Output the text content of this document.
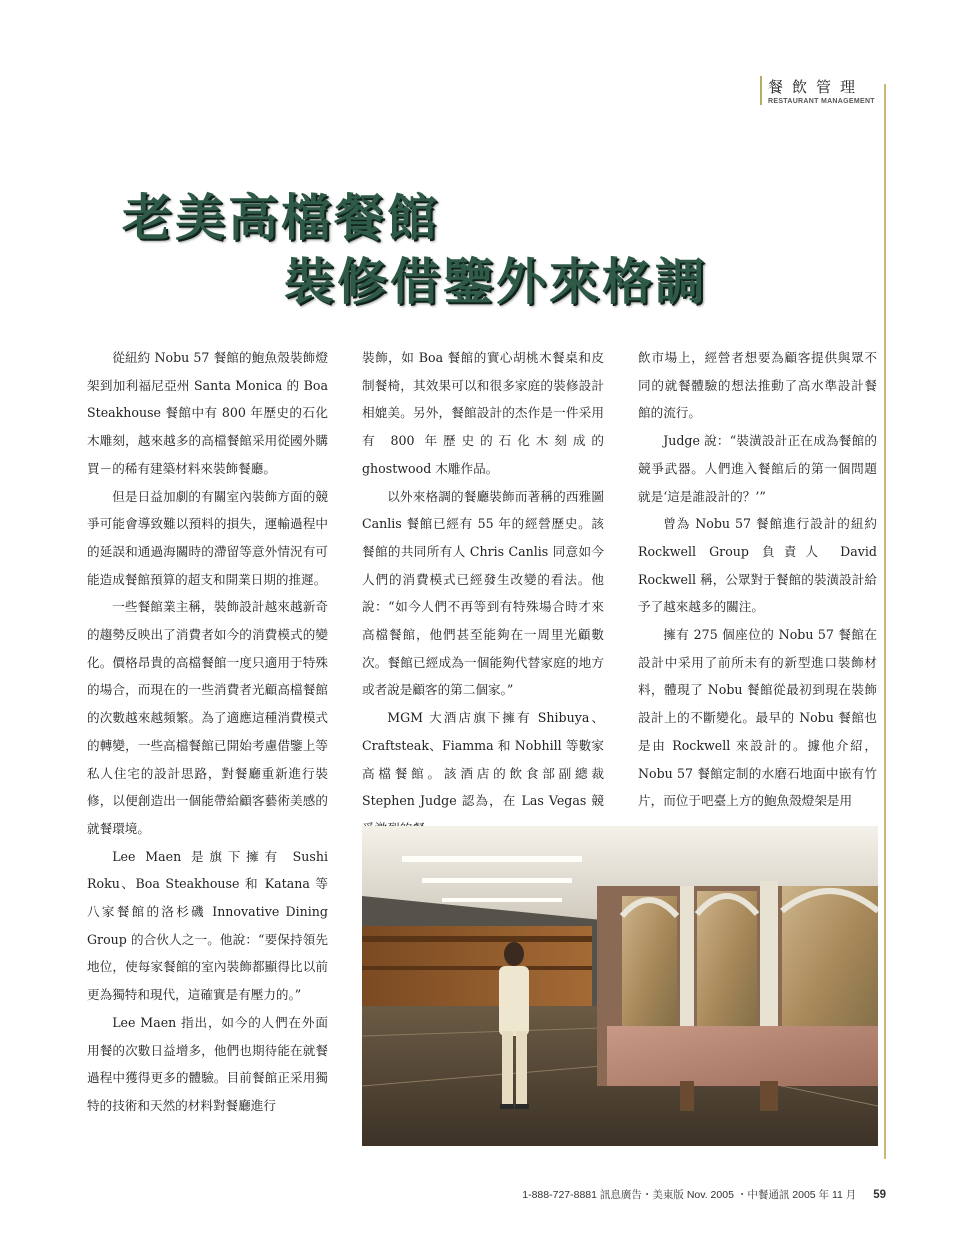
餐飲管理
RESTAURANT MANAGEMENT
老美高檔餐館
裝修借鑒外來格調

從紐約 Nobu 57 餐館的鮑魚殼裝飾燈架到加利福尼亞州 Santa Monica 的 Boa Steakhouse 餐館中有 800 年歷史的石化木雕刻，越來越多的高檔餐館采用從國外購買－的稀有建築材料來裝飾餐廳。

但是日益加劇的有關室內裝飾方面的競爭可能會導致難以預料的損失，運輸過程中的延誤和通過海關時的滯留等意外情況有可能造成餐館預算的超支和開業日期的推遲。

一些餐館業主稱，裝飾設計越來越新奇的趨勢反映出了消費者如今的消費模式的變化。價格昂貴的高檔餐館一度只適用于特殊的場合，而現在的一些消費者光顧高檔餐館的次數越來越頻繁。為了適應這種消費模式的轉變，一些高檔餐館已開始考慮借鑒上等私人住宅的設計思路，對餐廳重新進行裝修，以便創造出一個能帶給顧客藝術美感的就餐環境。

Lee Maen 是旗下擁有 Sushi Roku、Boa Steakhouse 和 Katana 等八家餐館的洛杉磯 Innovative Dining Group 的合伙人之一。他說：“要保持領先地位，使每家餐館的室內裝飾都顯得比以前更為獨特和現代，這確實是有壓力的。”

Lee Maen 指出，如今的人們在外面用餐的次數日益增多，他們也期待能在就餐過程中獲得更多的體驗。目前餐館正采用獨特的技術和天然的材料對餐廳進行

裝飾，如 Boa 餐館的實心胡桃木餐桌和皮制餐椅，其效果可以和很多家庭的裝修設計相媲美。另外，餐館設計的杰作是一件采用有 800 年歷史的石化木刻成的 ghostwood 木雕作品。

以外來格調的餐廳裝飾而著稱的西雅圖 Canlis 餐館已經有 55 年的經營歷史。該餐館的共同所有人 Chris Canlis 同意如今人們的消費模式已經發生改變的看法。他說：“如今人們不再等到有特殊場合時才來高檔餐館，他們甚至能夠在一周里光顧數次。餐館已經成為一個能夠代替家庭的地方或者說是顧客的第二個家。”

MGM 大酒店旗下擁有 Shibuya、Craftsteak、Fiamma 和 Nobhill 等數家高檔餐館。該酒店的飲食部副總裁 Stephen Judge 認為，在 Las Vegas 競

飲市場上，經營者想要為顧客提供與眾不同的就餐體驗的想法推動了高水準設計餐館的流行。

Judge 說：“裝潢設計正在成為餐館的競爭武器。人們進入餐館后的第一個問題就是‘這是誰設計的？’”

曾為 Nobu 57 餐館進行設計的紐約 Rockwell Group 負責人 David Rockwell 稱，公眾對于餐館的裝潢設計給予了越來越多的關注。

擁有 275 個座位的 Nobu 57 餐館在設計中采用了前所未有的新型進口裝飾材料，體現了 Nobu 餐館從最初到現在裝飾設計上的不斷變化。最早的 Nobu 餐館也是由 Rockwell 來設計的。據他介紹，Nobu 57 餐館定制的水磨石地面中嵌有竹片，而位于吧臺上方的鮑魚殼燈架是用

1-888-727-8881 訊息廣告・美東版 Nov. 2005 ・中餐通訊 2005 年 11 月 59
